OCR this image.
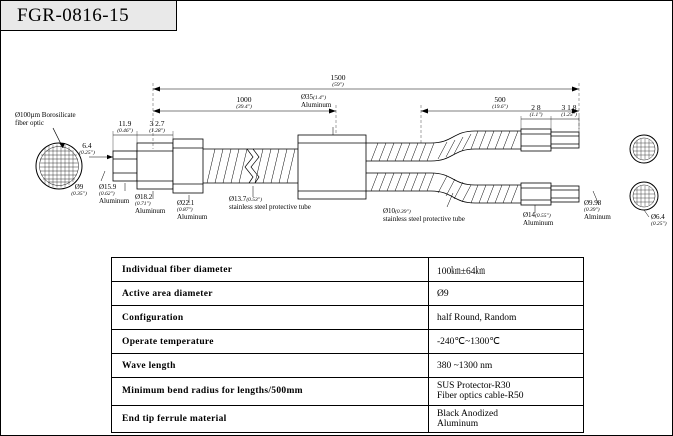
FGR-0816-15
1500
(59")
1000
(39.4")
500
(19.6")
11.9
(0.46")
3 2.7
(1.28")
6.4
(0.25")
2 8
(1.1")
3 1.8
(1.25")
Ø100µm Borosilicate
fiber optic
Ø9
(0.35")
Ø15.9
(0.62")
Aluminum
Ø18.2
(0.71")
Aluminum
Ø22.1
(0.87")
Aluminum
Ø13.7(0.53")
stainless steel protective tube
Ø35(1.4")
Aluminum
Ø10(0.39")
stainless steel protective tube
Ø14(0.55")
Aluminum
Ø9.98
(0.39")
Alminum	Ø6.4
(0.25")
Individual fiber diameter	100㎞±64㎞
Active area diameter	Ø9
Configuration	half Round, Random
Operate temperature	-240℃~1300℃
Wave length	380 ~1300 nm
Minimum bend radius for lengths/500mm	SUS Protector-R30
Fiber optics cable-R50

End tip ferrule material	Black Anodized
Aluminum
